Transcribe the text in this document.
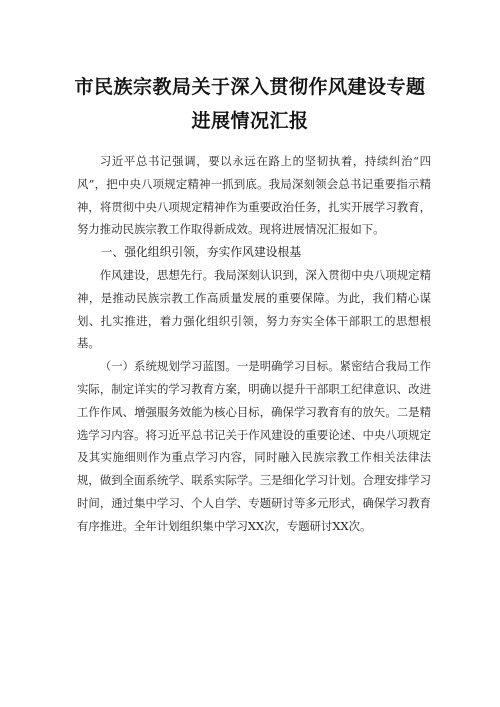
市民族宗教局关于深入贯彻作风建设专题
进展情况汇报

习近平总书记强调，要以永远在路上的坚韧执着，持续纠治“四风”，把中央八项规定精神一抓到底。我局深刻领会总书记重要指示精神，将贯彻中央八项规定精神作为重要政治任务，扎实开展学习教育，努力推动民族宗教工作取得新成效。现将进展情况汇报如下。

一、强化组织引领，夯实作风建设根基

作风建设，思想先行。我局深刻认识到，深入贯彻中央八项规定精神，是推动民族宗教工作高质量发展的重要保障。为此，我们精心谋划、扎实推进，着力强化组织引领，努力夯实全体干部职工的思想根基。

（一）系统规划学习蓝图。一是明确学习目标。紧密结合我局工作实际，制定详实的学习教育方案，明确以提升干部职工纪律意识、改进工作作风、增强服务效能为核心目标，确保学习教育有的放矢。二是精选学习内容。将习近平总书记关于作风建设的重要论述、中央八项规定及其实施细则作为重点学习内容，同时融入民族宗教工作相关法律法规，做到全面系统学、联系实际学。三是细化学习计划。合理安排学习时间，通过集中学习、个人自学、专题研讨等多元形式，确保学习教育有序推进。全年计划组织集中学习XX次，专题研讨XX次。
